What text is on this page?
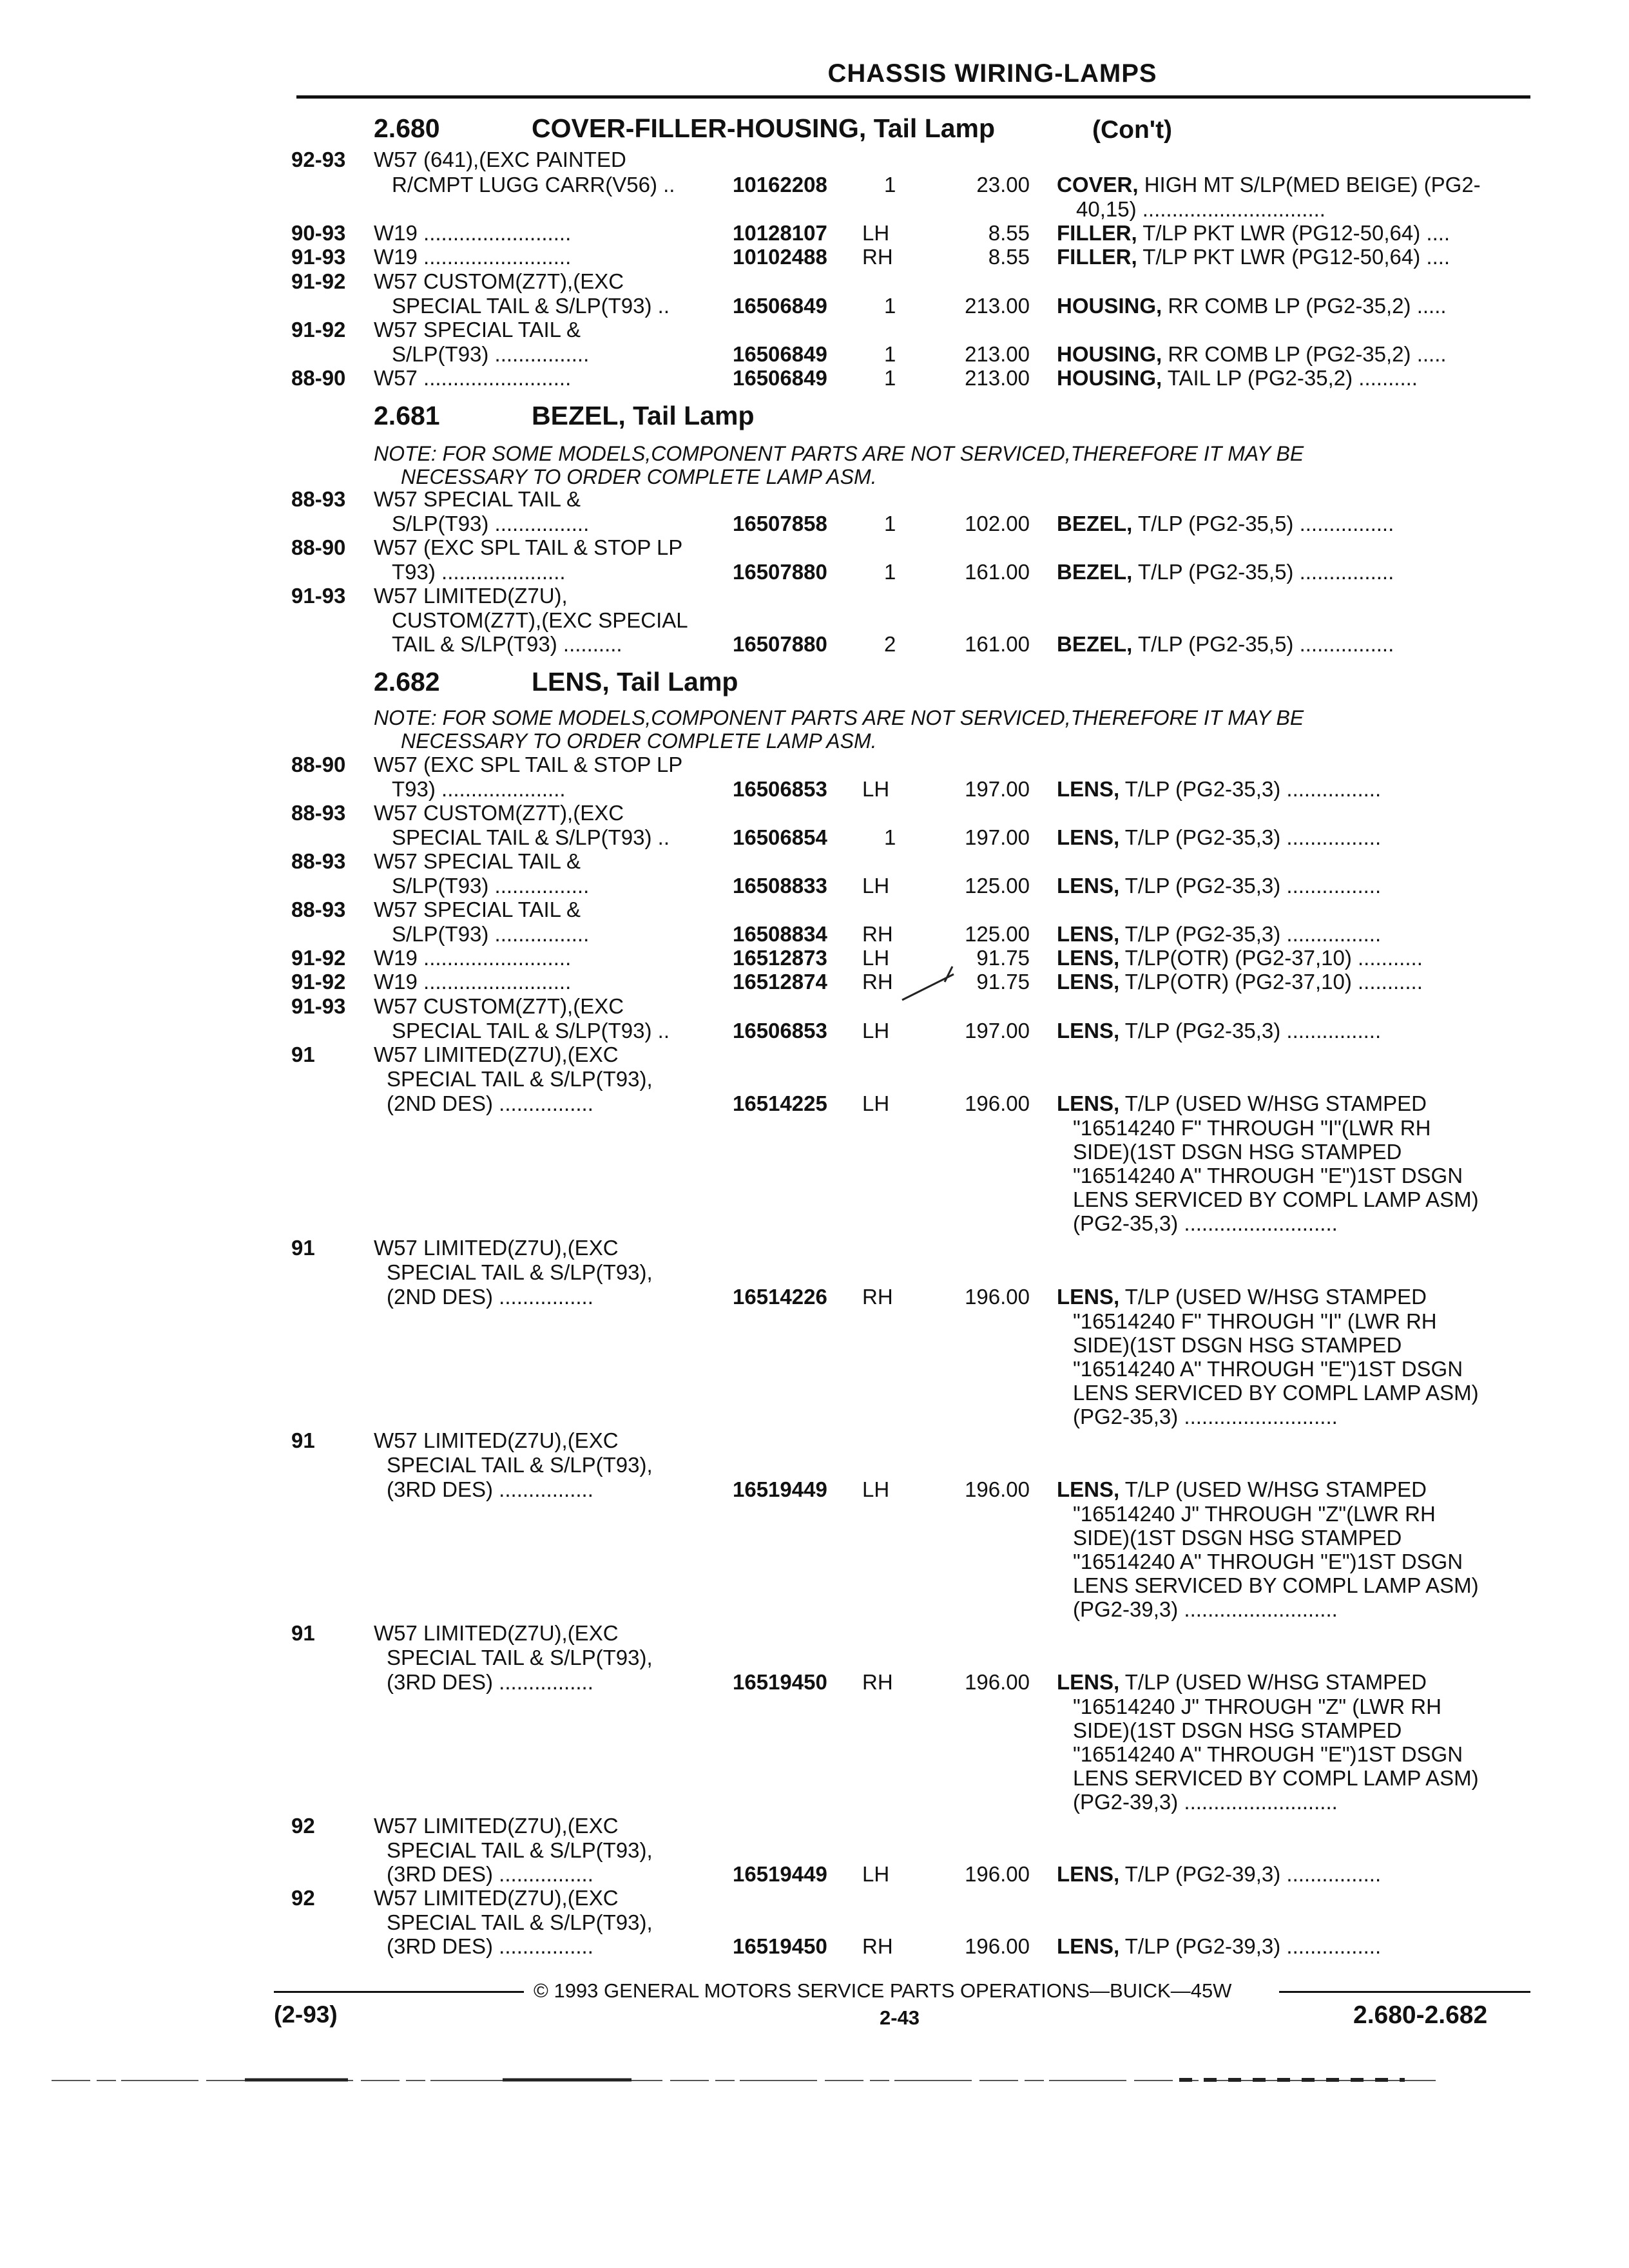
CHASSIS WIRING-LAMPS
2.680	COVER-FILLER-HOUSING, Tail Lamp	(Con't)
92-93 W57 (641),(EXC PAINTED
R/CMPT LUGG CARR(V56) .. 10162208	1	23.00 COVER, HIGH MT S/LP(MED BEIGE) (PG2-
40,15) ...............................
90-93 W19 .........................	10128107 LH	8.55 FILLER, T/LP PKT LWR (PG12-50,64) ....
91-93 W19 .........................	10102488 RH	8.55 FILLER, T/LP PKT LWR (PG12-50,64) ....
91-92 W57 CUSTOM(Z7T),(EXC
SPECIAL TAIL & S/LP(T93) ..	16506849	1	213.00 HOUSING, RR COMB LP (PG2-35,2) .....
91-92 W57 SPECIAL TAIL &
S/LP(T93) ................	16506849	1	213.00 HOUSING, RR COMB LP (PG2-35,2) .....
88-90 W57 .........................	16506849	1	213.00 HOUSING, TAIL LP (PG2-35,2) ..........
2.681	BEZEL, Tail Lamp
NOTE: FOR SOME MODELS,COMPONENT PARTS ARE NOT SERVICED,THEREFORE IT MAY BE
NECESSARY TO ORDER COMPLETE LAMP ASM.
88-93 W57 SPECIAL TAIL &
S/LP(T93) ................	16507858	1	102.00 BEZEL, T/LP (PG2-35,5) ................
88-90 W57 (EXC SPL TAIL & STOP LP
T93) .....................	16507880	1	161.00 BEZEL, T/LP (PG2-35,5) ................
91-93 W57 LIMITED(Z7U),
CUSTOM(Z7T),(EXC SPECIAL
TAIL & S/LP(T93) ..........	16507880	2	161.00 BEZEL, T/LP (PG2-35,5) ................
2.682	LENS, Tail Lamp
NOTE: FOR SOME MODELS,COMPONENT PARTS ARE NOT SERVICED,THEREFORE IT MAY BE
NECESSARY TO ORDER COMPLETE LAMP ASM.
88-90 W57 (EXC SPL TAIL & STOP LP
T93) .....................	16506853 LH	197.00 LENS, T/LP (PG2-35,3) ................
88-93 W57 CUSTOM(Z7T),(EXC
SPECIAL TAIL & S/LP(T93) ..	16506854	1	197.00 LENS, T/LP (PG2-35,3) ................
88-93 W57 SPECIAL TAIL &
S/LP(T93) ................	16508833 LH	125.00 LENS, T/LP (PG2-35,3) ................
88-93 W57 SPECIAL TAIL &
S/LP(T93) ................	16508834 RH	125.00 LENS, T/LP (PG2-35,3) ................
91-92 W19 .........................	16512873 LH	91.75 LENS, T/LP(OTR) (PG2-37,10) ...........
91-92 W19 .........................	16512874 RH	91.75 LENS, T/LP(OTR) (PG2-37,10) ...........
91-93 W57 CUSTOM(Z7T),(EXC
SPECIAL TAIL & S/LP(T93) ..	16506853 LH	197.00 LENS, T/LP (PG2-35,3) ................
91	W57 LIMITED(Z7U),(EXC
SPECIAL TAIL & S/LP(T93),
(2ND DES) ................	16514225 LH	196.00 LENS, T/LP (USED W/HSG STAMPED
"16514240 F" THROUGH "I"(LWR RH
SIDE)(1ST DSGN HSG STAMPED
"16514240 A" THROUGH "E")1ST DSGN
LENS SERVICED BY COMPL LAMP ASM)
(PG2-35,3) ..........................
91	W57 LIMITED(Z7U),(EXC
SPECIAL TAIL & S/LP(T93),
(2ND DES) ................	16514226 RH	196.00 LENS, T/LP (USED W/HSG STAMPED
"16514240 F" THROUGH "I" (LWR RH
SIDE)(1ST DSGN HSG STAMPED
"16514240 A" THROUGH "E")1ST DSGN
LENS SERVICED BY COMPL LAMP ASM)
(PG2-35,3) ..........................
91	W57 LIMITED(Z7U),(EXC
SPECIAL TAIL & S/LP(T93),
(3RD DES) ................	16519449 LH	196.00 LENS, T/LP (USED W/HSG STAMPED
"16514240 J" THROUGH "Z"(LWR RH
SIDE)(1ST DSGN HSG STAMPED
"16514240 A" THROUGH "E")1ST DSGN
LENS SERVICED BY COMPL LAMP ASM)
(PG2-39,3) ..........................
91	W57 LIMITED(Z7U),(EXC
SPECIAL TAIL & S/LP(T93),
(3RD DES) ................	16519450 RH	196.00 LENS, T/LP (USED W/HSG STAMPED
"16514240 J" THROUGH "Z" (LWR RH
SIDE)(1ST DSGN HSG STAMPED
"16514240 A" THROUGH "E")1ST DSGN
LENS SERVICED BY COMPL LAMP ASM)
(PG2-39,3) ..........................
92	W57 LIMITED(Z7U),(EXC
SPECIAL TAIL & S/LP(T93),
(3RD DES) ................	16519449 LH	196.00 LENS, T/LP (PG2-39,3) ................
92	W57 LIMITED(Z7U),(EXC
SPECIAL TAIL & S/LP(T93),
(3RD DES) ................	16519450 RH	196.00 LENS, T/LP (PG2-39,3) ................
© 1993 GENERAL MOTORS SERVICE PARTS OPERATIONS—BUICK—45W
(2-93)	2-43	2.680-2.682
